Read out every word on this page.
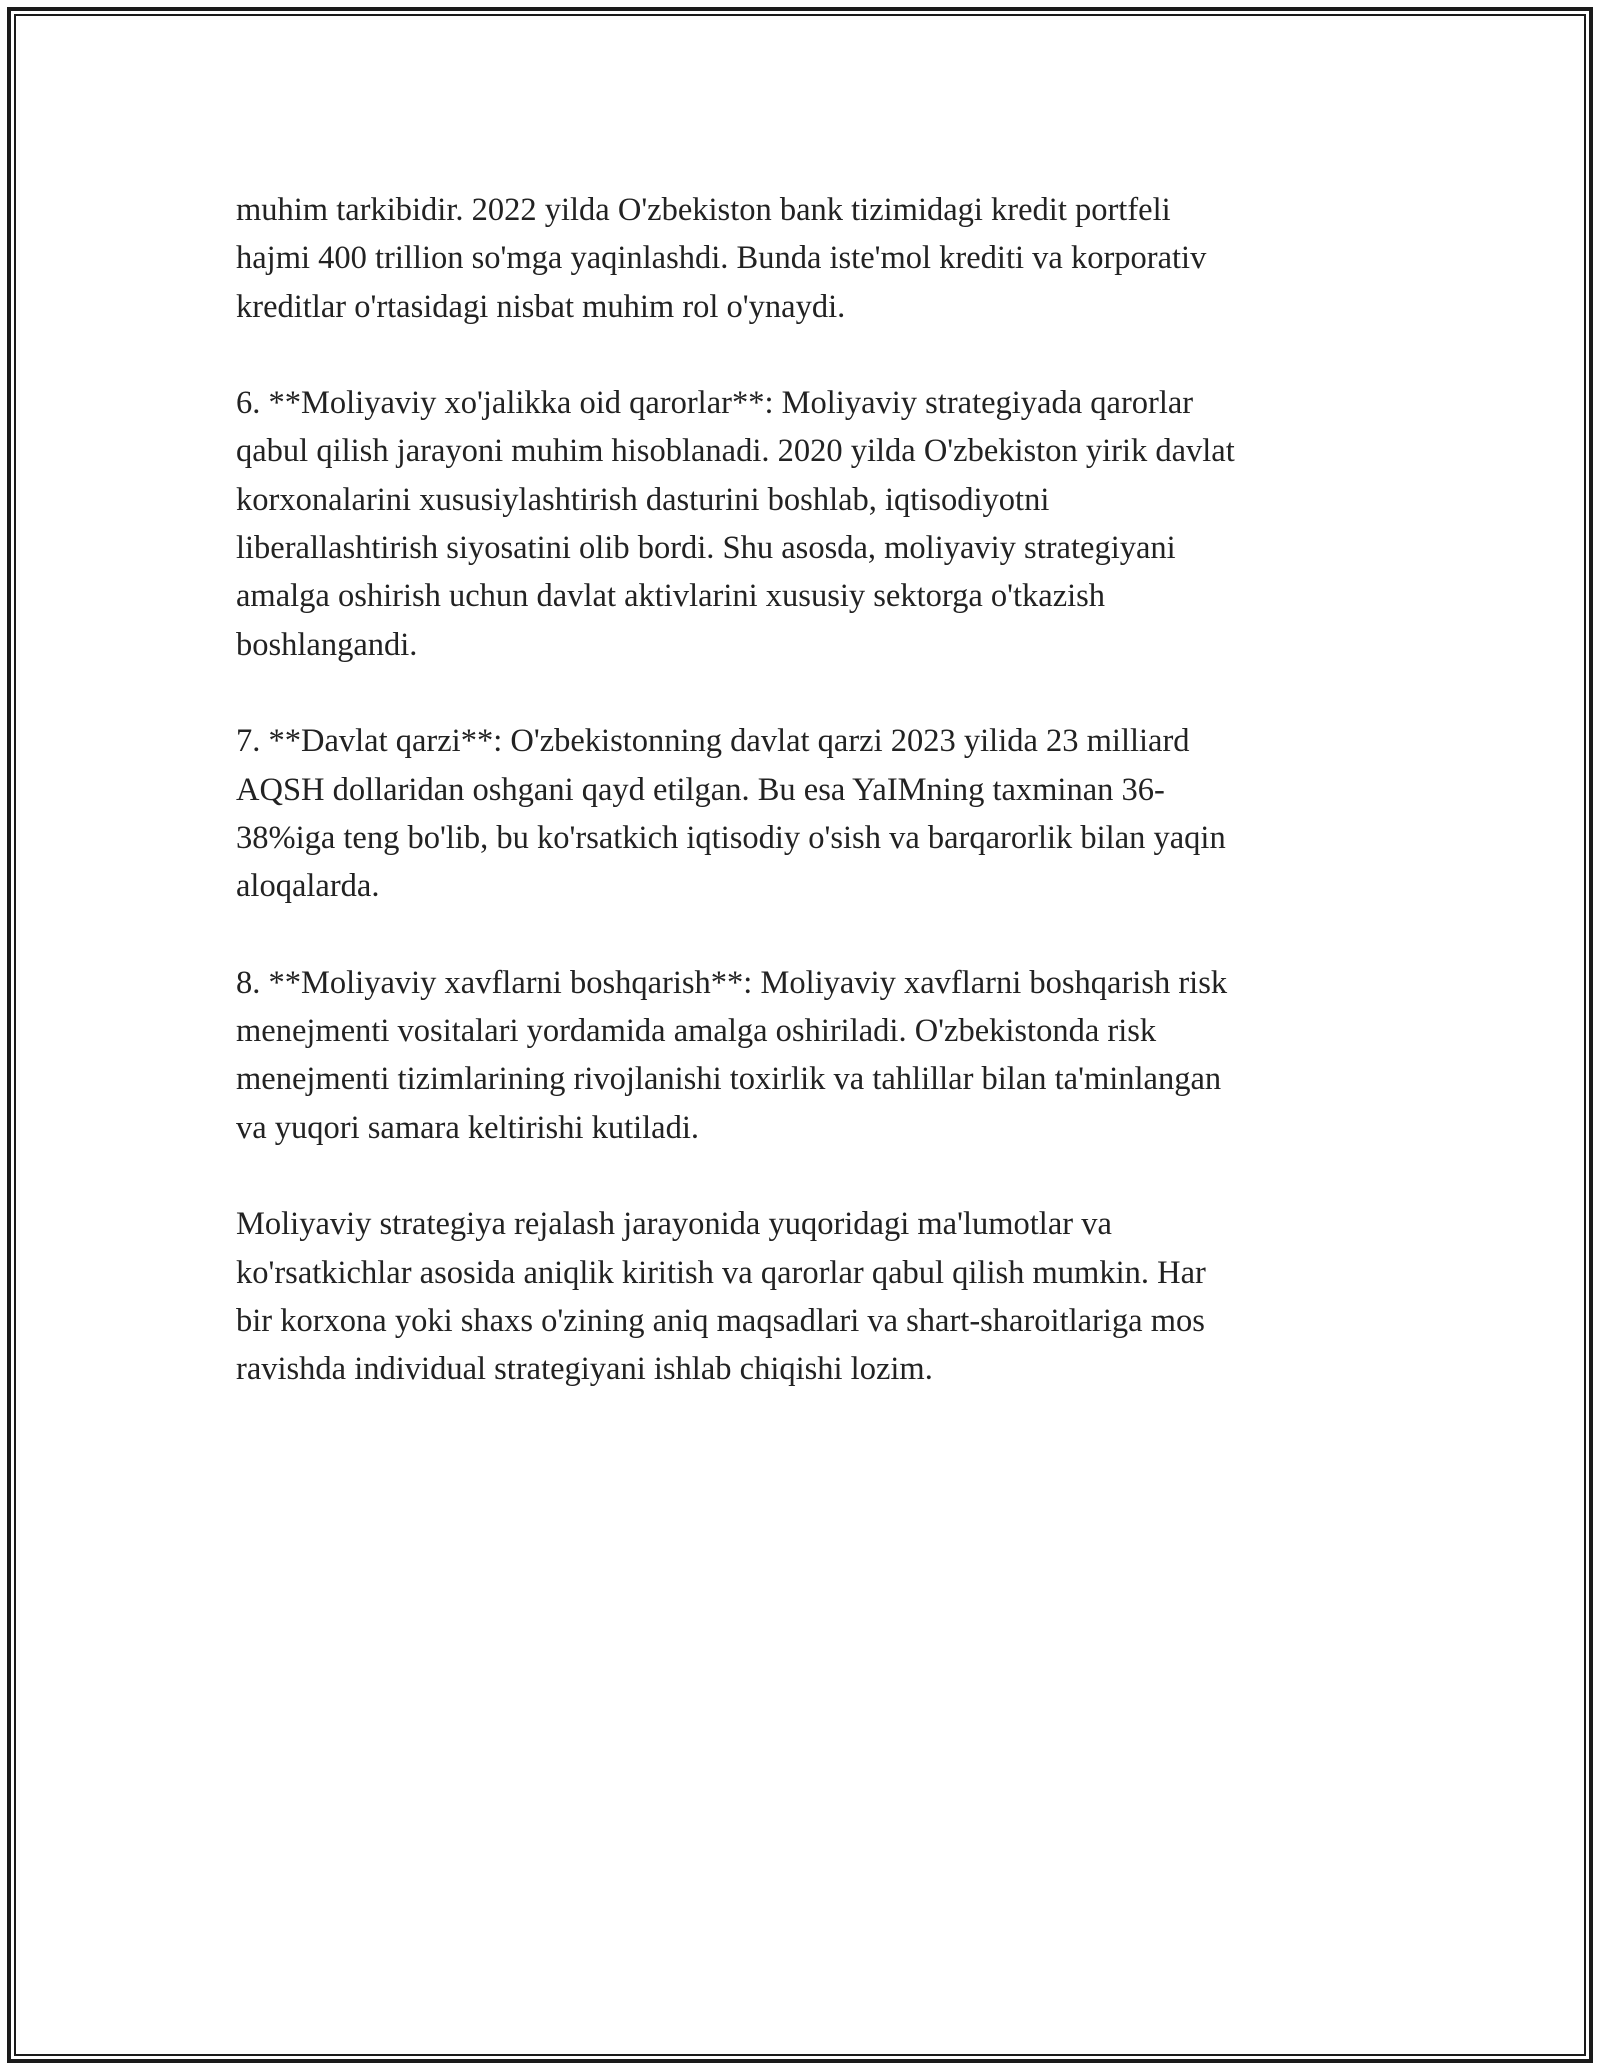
muhim tarkibidir. 2022 yilda O'zbekiston bank tizimidagi kredit portfeli
hajmi 400 trillion so'mga yaqinlashdi. Bunda iste'mol krediti va korporativ
kreditlar o'rtasidagi nisbat muhim rol o'ynaydi.

6. **Moliyaviy xo'jalikka oid qarorlar**: Moliyaviy strategiyada qarorlar
qabul qilish jarayoni muhim hisoblanadi. 2020 yilda O'zbekiston yirik davlat
korxonalarini xususiylashtirish dasturini boshlab, iqtisodiyotni
liberallashtirish siyosatini olib bordi. Shu asosda, moliyaviy strategiyani
amalga oshirish uchun davlat aktivlarini xususiy sektorga o'tkazish
boshlangandi.

7. **Davlat qarzi**: O'zbekistonning davlat qarzi 2023 yilida 23 milliard
AQSH dollaridan oshgani qayd etilgan. Bu esa YaIMning taxminan 36-
38%iga teng bo'lib, bu ko'rsatkich iqtisodiy o'sish va barqarorlik bilan yaqin
aloqalarda.

8. **Moliyaviy xavflarni boshqarish**: Moliyaviy xavflarni boshqarish risk
menejmenti vositalari yordamida amalga oshiriladi. O'zbekistonda risk
menejmenti tizimlarining rivojlanishi toxirlik va tahlillar bilan ta'minlangan
va yuqori samara keltirishi kutiladi.

Moliyaviy strategiya rejalash jarayonida yuqoridagi ma'lumotlar va
ko'rsatkichlar asosida aniqlik kiritish va qarorlar qabul qilish mumkin. Har
bir korxona yoki shaxs o'zining aniq maqsadlari va shart-sharoitlariga mos
ravishda individual strategiyani ishlab chiqishi lozim.
